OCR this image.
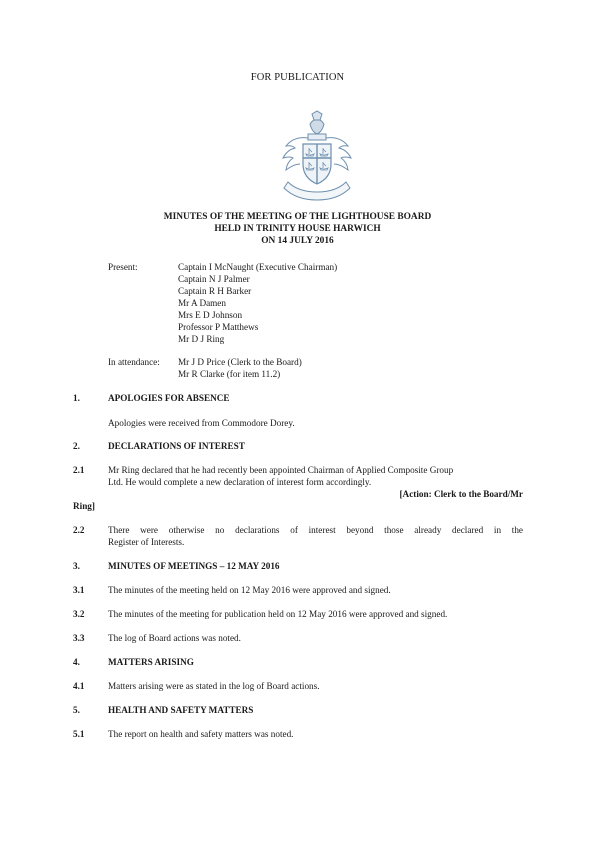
FOR PUBLICATION
MINUTES OF THE MEETING OF THE LIGHTHOUSE BOARD
HELD IN TRINITY HOUSE HARWICH
ON 14 JULY 2016
Present:	Captain I McNaught (Executive Chairman)
Captain N J Palmer
Captain R H Barker
Mr A Damen
Mrs E D Johnson
Professor P Matthews
Mr D J Ring
In attendance: Mr J D Price (Clerk to the Board)
Mr R Clarke (for item 11.2)
1.	APOLOGIES FOR ABSENCE
Apologies were received from Commodore Dorey.
2.	DECLARATIONS OF INTEREST
2.1	Mr Ring declared that he had recently been appointed Chairman of Applied Composite Group
Ltd. He would complete a new declaration of interest form accordingly.
[Action: Clerk to the Board/Mr
Ring]
2.2	There were otherwise no declarations of interest beyond those already declared in the
Register of Interests.
3.	MINUTES OF MEETINGS – 12 MAY 2016
3.1	The minutes of the meeting held on 12 May 2016 were approved and signed.
3.2	The minutes of the meeting for publication held on 12 May 2016 were approved and signed.
3.3	The log of Board actions was noted.
4.	MATTERS ARISING
4.1	Matters arising were as stated in the log of Board actions.
5.	HEALTH AND SAFETY MATTERS
5.1	The report on health and safety matters was noted.
